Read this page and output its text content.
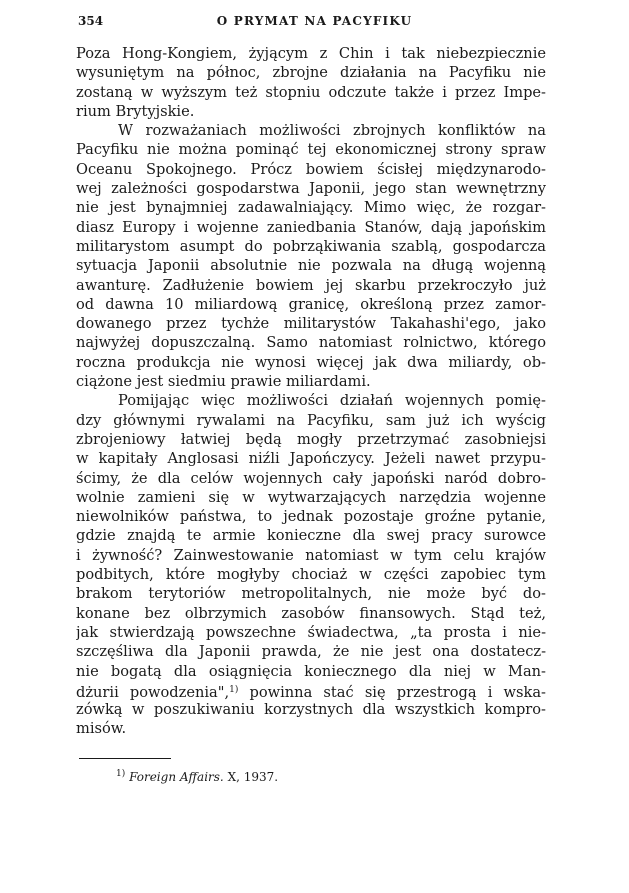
354	O PRYMAT NA PACYFIKU
Poza Hong-Kongiem, żyjącym z Chin i tak niebezpiecznie
wysuniętym na północ, zbrojne działania na Pacyfiku nie
zostaną w wyższym też stopniu odczute także i przez Impe-
rium Brytyjskie.
W rozważaniach możliwości zbrojnych konfliktów na
Pacyfiku nie można pominąć tej ekonomicznej strony spraw
Oceanu Spokojnego. Prócz bowiem ścisłej międzynarodo-
wej zależności gospodarstwa Japonii, jego stan wewnętrzny
nie jest bynajmniej zadawalniający. Mimo więc, że rozgar-
diasz Europy i wojenne zaniedbania Stanów, dają japońskim
militarystom asumpt do pobrząkiwania szablą, gospodarcza
sytuacja Japonii absolutnie nie pozwala na długą wojenną
awanturę. Zadłużenie bowiem jej skarbu przekroczyło już
od dawna 10 miliardową granicę, określoną przez zamor-
dowanego przez tychże militarystów Takahashi'ego, jako
najwyżej dopuszczalną. Samo natomiast rolnictwo, którego
roczna produkcja nie wynosi więcej jak dwa miliardy, ob-
ciążone jest siedmiu prawie miliardami.
Pomijając więc możliwości działań wojennych pomię-
dzy głównymi rywalami na Pacyfiku, sam już ich wyścig
zbrojeniowy łatwiej będą mogły przetrzymać zasobniejsi
w kapitały Anglosasi niźli Japończycy. Jeżeli nawet przypu-
ścimy, że dla celów wojennych cały japoński naród dobro-
wolnie zamieni się w wytwarzających narzędzia wojenne
niewolników państwa, to jednak pozostaje groźne pytanie,
gdzie znajdą te armie konieczne dla swej pracy surowce
i żywność? Zainwestowanie natomiast w tym celu krajów
podbitych, które mogłyby chociaż w części zapobiec tym
brakom terytoriów metropolitalnych, nie może być do-
konane bez olbrzymich zasobów finansowych. Stąd też,
jak stwierdzają powszechne świadectwa, „ta prosta i nie-
szczęśliwa dla Japonii prawda, że nie jest ona dostatecz-
nie bogatą dla osiągnięcia koniecznego dla niej w Man-
dżurii powodzenia",$^{1)}$ powinna stać się przestrogą i wska-
zówką w poszukiwaniu korzystnych dla wszystkich kompro-
misów.
$^{1)}$ Foreign Affairs. X, 1937.
